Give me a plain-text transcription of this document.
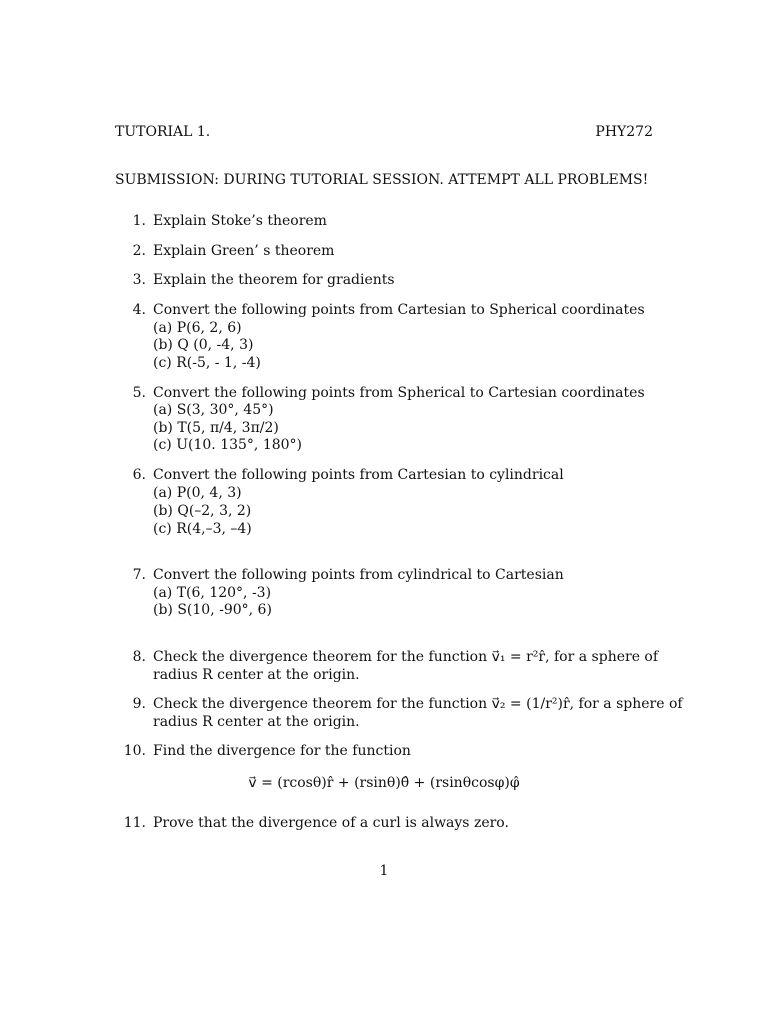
TUTORIAL 1.	PHY272
SUBMISSION: DURING TUTORIAL SESSION. ATTEMPT ALL PROBLEMS!
1. Explain Stoke’s theorem
2. Explain Green’ s theorem
3. Explain the theorem for gradients
4. Convert the following points from Cartesian to Spherical coordinates
(a) P(6, 2, 6)
(b) Q (0, -4, 3)
(c) R(-5, - 1, -4)
5. Convert the following points from Spherical to Cartesian coordinates
(a) S(3, 30°, 45°)
(b) T(5, π/4, 3π/2)
(c) U(10. 135°, 180°)
6. Convert the following points from Cartesian to cylindrical
(a) P(0, 4, 3)
(b) Q(–2, 3, 2)
(c) R(4,–3, –4)
7. Convert the following points from cylindrical to Cartesian
(a) T(6, 120°, -3)
(b) S(10, -90°, 6)
8. Check the divergence theorem for the function v⃗₁ = r²r̂, for a sphere of
radius R center at the origin.
9. Check the divergence theorem for the function v⃗₂ = (1/r²)r̂, for a sphere of
radius R center at the origin.
10. Find the divergence for the function
v⃗ = (rcosθ)r̂ + (rsinθ)θ̂ + (rsinθcosφ)φ̂
11. Prove that the divergence of a curl is always zero.
1
